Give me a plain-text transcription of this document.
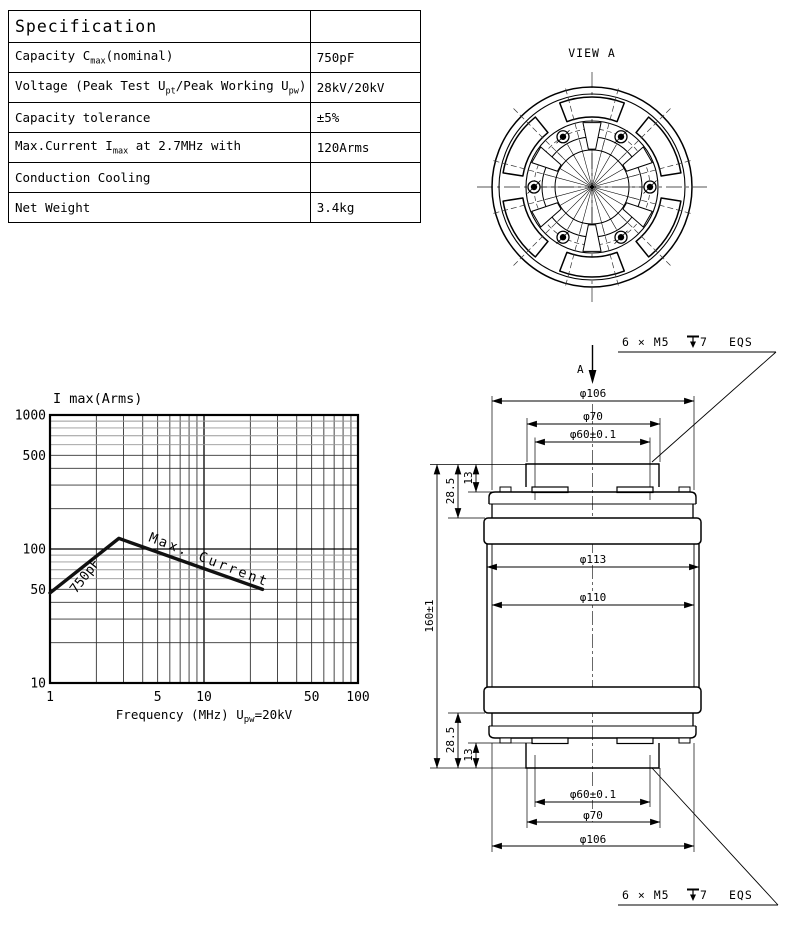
Specification	
Capacity $C_{max}(nominal)$	750pF
Voltage (Peak Test $U_{pt}$/Peak Working $U_{pw}$)	28kV/20kV
Capacity tolerance	±5%
Max.Current $I_{max}$ at 2.7MHz with	120Arms
Conduction Cooling	
Net Weight	3.4kg
VIEW A
1	5	10	50 100
1000
500
100
50
10
I max(Arms)
750pF	Max. Current
Frequency (MHz) $U_{pw}=20kV$
A
6 × M5	7 EQS
6 × M5	7 EQS
φ106
φ70
φ60±0.1
φ113
φ110
φ60±0.1
φ70
φ106
160±1
28.5 13
28.5
13
